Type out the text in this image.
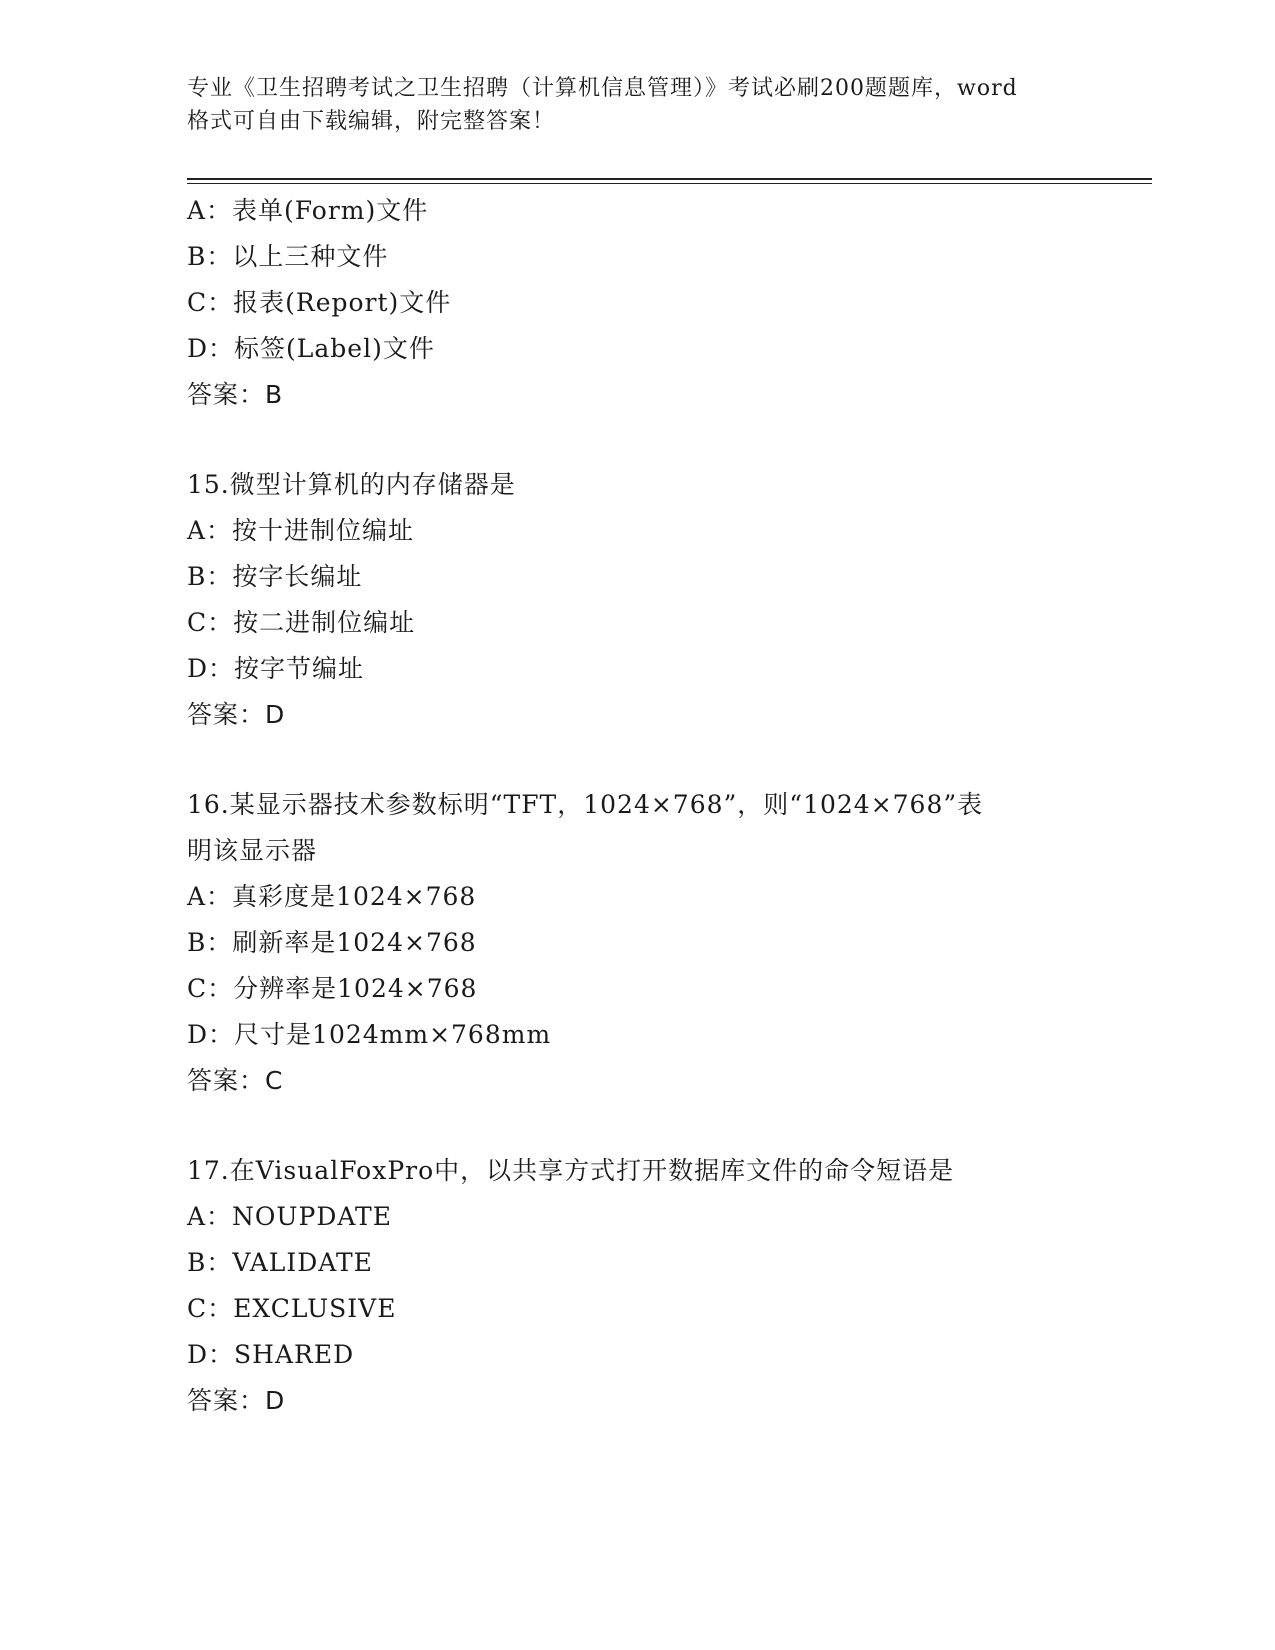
专业《卫生招聘考试之卫生招聘（计算机信息管理）》考试必刷200题题库，word
格式可自由下载编辑，附完整答案！
A：表单(Form)文件
B：以上三种文件
C：报表(Report)文件
D：标签(Label)文件
答案：B
15.微型计算机的内存储器是
A：按十进制位编址
B：按字长编址
C：按二进制位编址
D：按字节编址
答案：D
16.某显示器技术参数标明“TFT，1024×768”，则“1024×768”表
明该显示器
A：真彩度是1024×768
B：刷新率是1024×768
C：分辨率是1024×768
D：尺寸是1024mm×768mm
答案：C
17.在VisualFoxPro中，以共享方式打开数据库文件的命令短语是
A：NOUPDATE
B：VALIDATE
C：EXCLUSIVE
D：SHARED
答案：D
